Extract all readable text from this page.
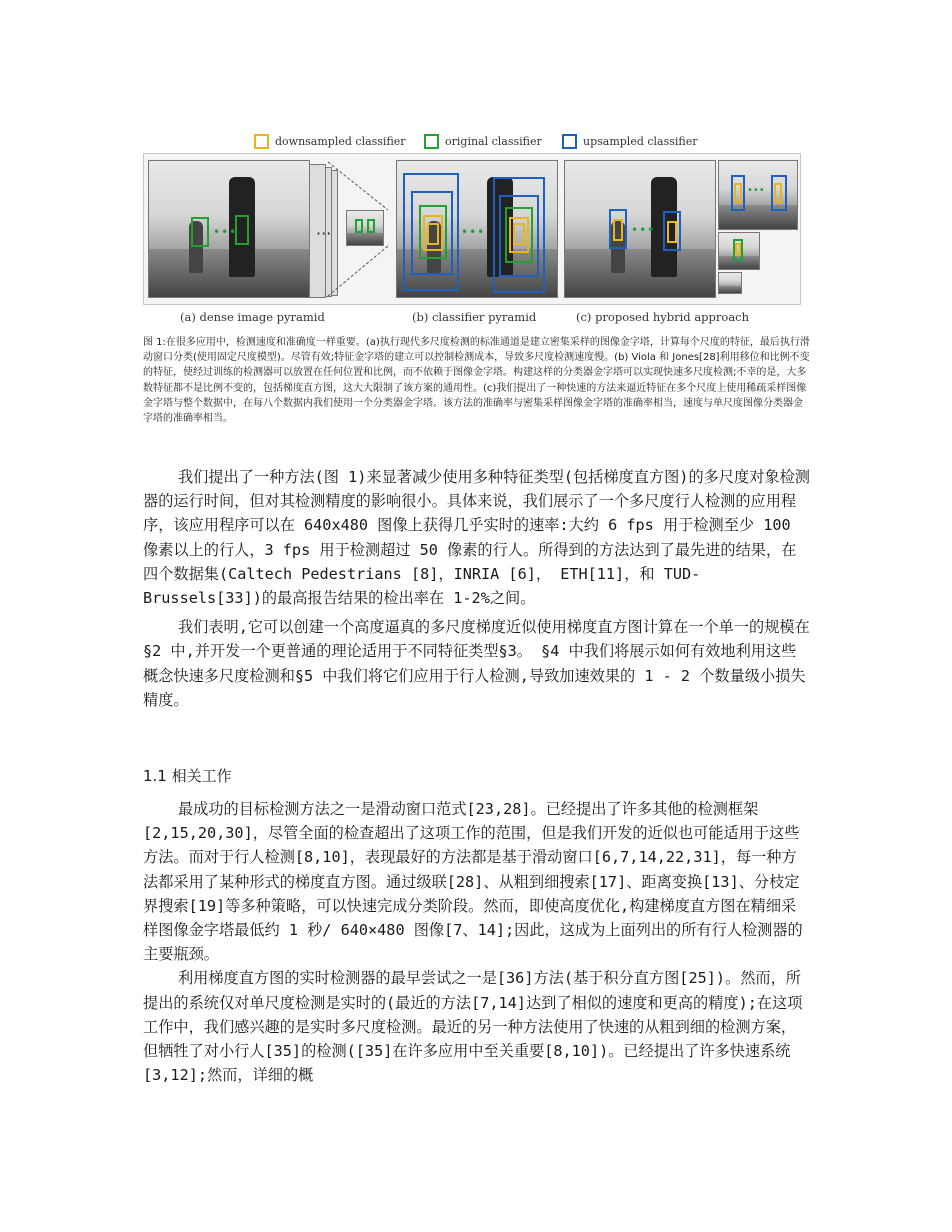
downsampled classifier	original classifier	upsampled classifier
•••	···	•••	•••
•••
(a) dense image pyramid	(b) classifier pyramid	(c) proposed hybrid approach
图 1:在很多应用中，检测速度和准确度一样重要。(a)执行现代多尺度检测的标准通道是建立密集采样的图像金字塔，计算每个尺度的特征，最后执行滑动窗口分类(使用固定尺度模型)。尽管有效;特征金字塔的建立可以控制检测成本，导致多尺度检测速度慢。(b) Viola 和 Jones[28]利用移位和比例不变的特征，使经过训练的检测器可以放置在任何位置和比例，而不依赖于图像金字塔。构建这样的分类器金字塔可以实现快速多尺度检测;不幸的是，大多数特征都不是比例不变的，包括梯度直方图，这大大限制了该方案的通用性。(c)我们提出了一种快速的方法来逼近特征在多个尺度上使用稀疏采样图像金字塔与整个数据中，在每八个数据内我们使用一个分类器金字塔。该方法的准确率与密集采样图像金字塔的准确率相当，速度与单尺度图像分类器金字塔的准确率相当。

我们提出了一种方法(图 1)来显著减少使用多种特征类型(包括梯度直方图)的多尺度对象检测器的运行时间，但对其检测精度的影响很小。具体来说，我们展示了一个多尺度行人检测的应用程序，该应用程序可以在 640x480 图像上获得几乎实时的速率:大约 6 fps 用于检测至少 100 像素以上的行人，3 fps 用于检测超过 50 像素的行人。所得到的方法达到了最先进的结果，在四个数据集(Caltech Pedestrians [8]，INRIA [6]， ETH[11]，和 TUD-Brussels[33])的最高报告结果的检出率在 1-2%之间。

我们表明,它可以创建一个高度逼真的多尺度梯度近似使用梯度直方图计算在一个单一的规模在§2 中,并开发一个更普通的理论适用于不同特征类型§3。 §4 中我们将展示如何有效地利用这些概念快速多尺度检测和§5 中我们将它们应用于行人检测,导致加速效果的 1 - 2 个数量级小损失精度。

1.1 相关工作

最成功的目标检测方法之一是滑动窗口范式[23,28]。已经提出了许多其他的检测框架[2,15,20,30]，尽管全面的检查超出了这项工作的范围，但是我们开发的近似也可能适用于这些方法。而对于行人检测[8,10]，表现最好的方法都是基于滑动窗口[6,7,14,22,31]，每一种方法都采用了某种形式的梯度直方图。通过级联[28]、从粗到细搜索[17]、距离变换[13]、分枝定界搜索[19]等多种策略，可以快速完成分类阶段。然而，即使高度优化,构建梯度直方图在精细采样图像金字塔最低约 1 秒/ 640×480 图像[7、14];因此，这成为上面列出的所有行人检测器的主要瓶颈。

利用梯度直方图的实时检测器的最早尝试之一是[36]方法(基于积分直方图[25])。然而，所提出的系统仅对单尺度检测是实时的(最近的方法[7,14]达到了相似的速度和更高的精度);在这项工作中，我们感兴趣的是实时多尺度检测。最近的另一种方法使用了快速的从粗到细的检测方案，但牺牲了对小行人[35]的检测([35]在许多应用中至关重要[8,10])。已经提出了许多快速系统[3,12];然而，详细的概
